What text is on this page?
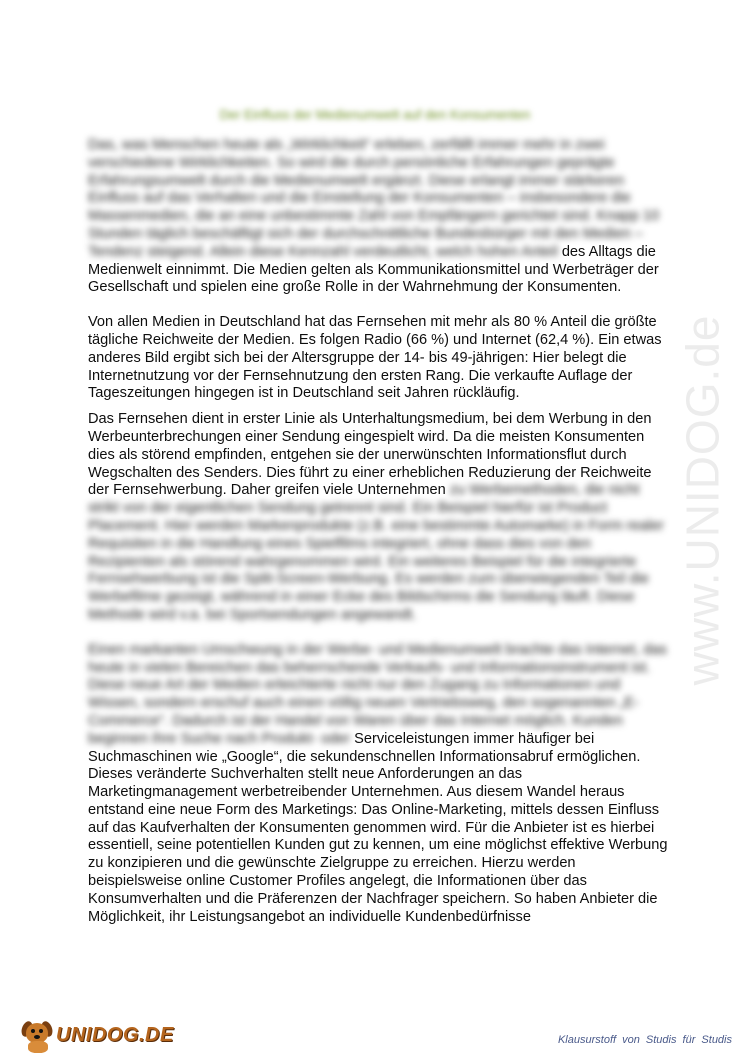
Der Einfluss der Medienumwelt auf den Konsumenten
Das, was Menschen heute als „Wirklichkeit“ erleben, zerfällt immer mehr in zwei verschiedene Wirklichkeiten. So wird die durch persönliche Erfahrungen geprägte Erfahrungsumwelt durch die Medienumwelt ergänzt. Diese erlangt immer stärkeren Einfluss auf das Verhalten und die Einstellung der Konsumenten – insbesondere die Massenmedien, die an eine unbestimmte Zahl von Empfängern gerichtet sind. Knapp 10 Stunden täglich beschäftigt sich der durchschnittliche Bundesbürger mit den Medien – Tendenz steigend. Allein diese Kennzahl verdeutlicht, welch hohen Anteil des Alltags die Medienwelt einnimmt. Die Medien gelten als Kommunikationsmittel und Werbeträger der Gesellschaft und spielen eine große Rolle in der Wahrnehmung der Konsumenten.
Von allen Medien in Deutschland hat das Fernsehen mit mehr als 80 % Anteil die größte tägliche Reichweite der Medien. Es folgen Radio (66 %) und Internet (62,4 %). Ein etwas anderes Bild ergibt sich bei der Altersgruppe der 14- bis 49-jährigen: Hier belegt die Internetnutzung vor der Fernsehnutzung den ersten Rang. Die verkaufte Auflage der Tageszeitungen hingegen ist in Deutschland seit Jahren rückläufig.
Das Fernsehen dient in erster Linie als Unterhaltungsmedium, bei dem Werbung in den Werbeunterbrechungen einer Sendung eingespielt wird. Da die meisten Konsumenten dies als störend empfinden, entgehen sie der unerwünschten Informationsflut durch Wegschalten des Senders. Dies führt zu einer erheblichen Reduzierung der Reichweite der Fernsehwerbung. Daher greifen viele Unternehmen zu Werbemethoden, die nicht strikt von der eigentlichen Sendung getrennt sind. Ein Beispiel hierfür ist Product Placement. Hier werden Markenprodukte (z.B. eine bestimmte Automarke) in Form realer Requisiten in die Handlung eines Spielfilms integriert, ohne dass dies von den Rezipienten als störend wahrgenommen wird. Ein weiteres Beispiel für die integrierte Fernsehwerbung ist die Split-Screen-Werbung. Es werden zum überwiegenden Teil die Werbefilme gezeigt, während in einer Ecke des Bildschirms die Sendung läuft. Diese Methode wird v.a. bei Sportsendungen angewandt.
Einen markanten Umschwung in der Werbe- und Medienumwelt brachte das Internet, das heute in vielen Bereichen das beherrschende Verkaufs- und Informationsinstrument ist. Diese neue Art der Medien erleichterte nicht nur den Zugang zu Informationen und Wissen, sondern erschuf auch einen völlig neuen Vertriebsweg, den sogenannten „E-Commerce“. Dadurch ist der Handel von Waren über das Internet möglich. Kunden beginnen ihre Suche nach Produkt- oder Serviceleistungen immer häufiger bei Suchmaschinen wie „Google“, die sekundenschnellen Informationsabruf ermöglichen. Dieses veränderte Suchverhalten stellt neue Anforderungen an das Marketingmanagement werbetreibender Unternehmen. Aus diesem Wandel heraus entstand eine neue Form des Marketings: Das Online-Marketing, mittels dessen Einfluss auf das Kaufverhalten der Konsumenten genommen wird. Für die Anbieter ist es hierbei essentiell, seine potentiellen Kunden gut zu kennen, um eine möglichst effektive Werbung zu konzipieren und die gewünschte Zielgruppe zu erreichen. Hierzu werden beispielsweise online Customer Profiles angelegt, die Informationen über das Konsumverhalten und die Präferenzen der Nachfrager speichern. So haben Anbieter die Möglichkeit, ihr Leistungsangebot an individuelle Kundenbedürfnisse
www.UNIDOG.de
UNIDOG.DE	Klausurstoff von Studis für Studis
